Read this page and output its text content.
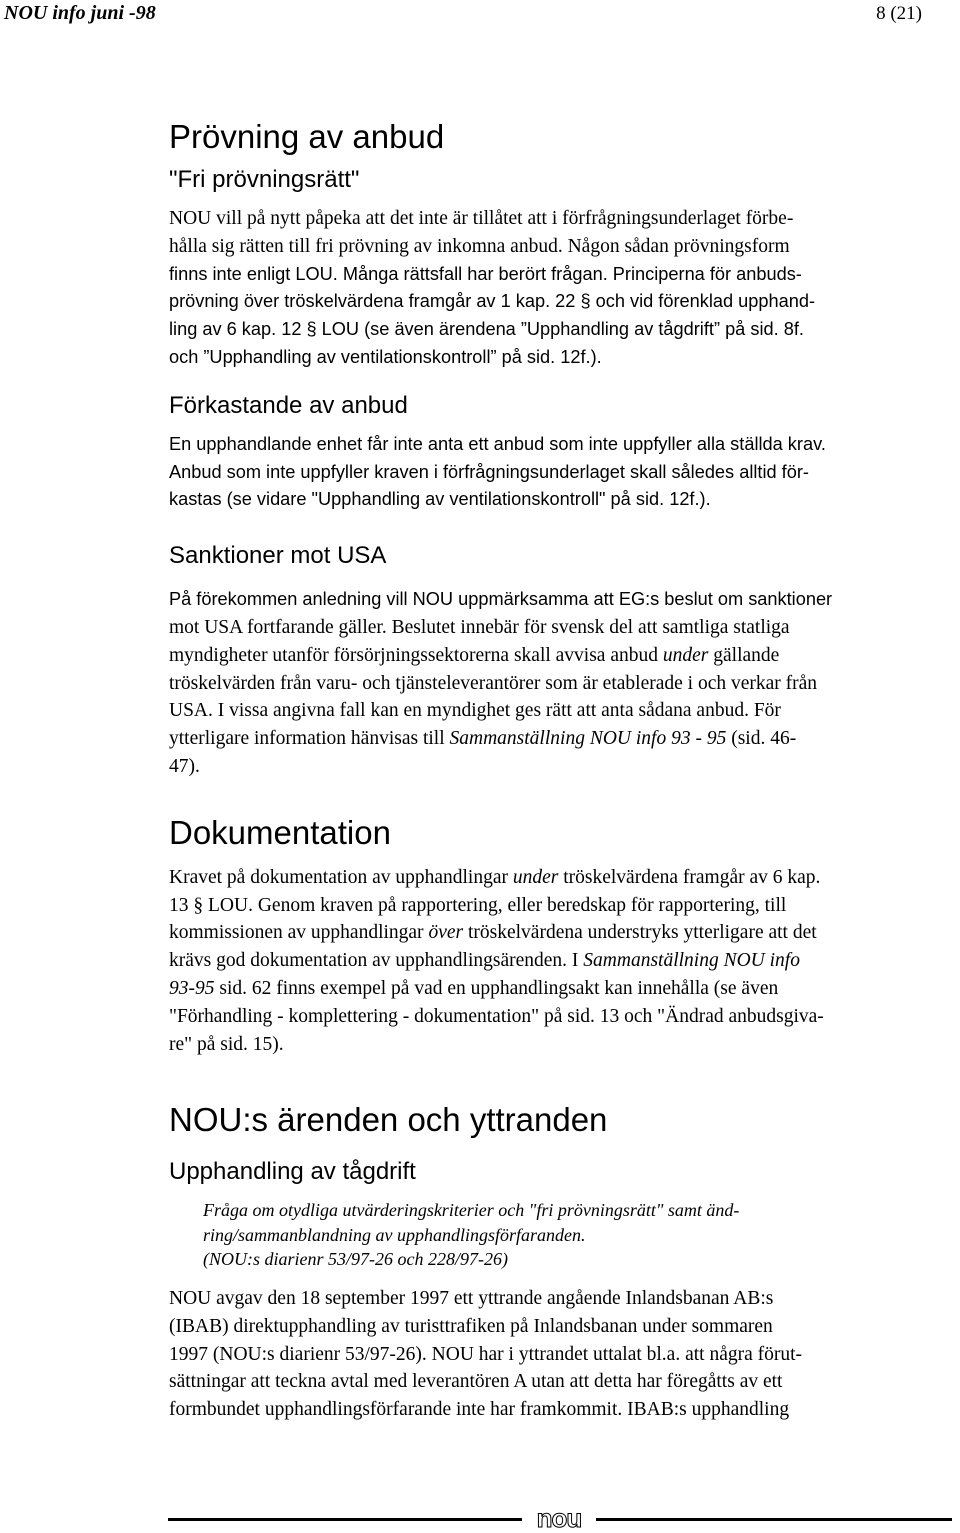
NOU info juni -98	8 (21)
Prövning av anbud
"Fri prövningsrätt"
NOU vill på nytt påpeka att det inte är tillåtet att i förfrågningsunderlaget förbe-
hålla sig rätten till fri prövning av inkomna anbud. Någon sådan prövningsform
finns inte enligt LOU. Många rättsfall har berört frågan. Principerna för anbuds-
prövning över tröskelvärdena framgår av 1 kap. 22 § och vid förenklad upphand-
ling av 6 kap. 12 § LOU (se även ärendena ”Upphandling av tågdrift” på sid. 8f.
och ”Upphandling av ventilationskontroll” på sid. 12f.).
Förkastande av anbud
En upphandlande enhet får inte anta ett anbud som inte uppfyller alla ställda krav.
Anbud som inte uppfyller kraven i förfrågningsunderlaget skall således alltid för-
kastas (se vidare "Upphandling av ventilationskontroll" på sid. 12f.).
Sanktioner mot USA
På förekommen anledning vill NOU uppmärksamma att EG:s beslut om sanktioner
mot USA fortfarande gäller. Beslutet innebär för svensk del att samtliga statliga
myndigheter utanför försörjningssektorerna skall avvisa anbud under gällande
tröskelvärden från varu- och tjänsteleverantörer som är etablerade i och verkar från
USA. I vissa angivna fall kan en myndighet ges rätt att anta sådana anbud. För
ytterligare information hänvisas till Sammanställning NOU info 93 - 95 (sid. 46-
47).
Dokumentation
Kravet på dokumentation av upphandlingar under tröskelvärdena framgår av 6 kap.
13 § LOU. Genom kraven på rapportering, eller beredskap för rapportering, till
kommissionen av upphandlingar över tröskelvärdena understryks ytterligare att det
krävs god dokumentation av upphandlingsärenden. I Sammanställning NOU info
93-95 sid. 62 finns exempel på vad en upphandlingsakt kan innehålla (se även
"Förhandling - komplettering - dokumentation" på sid. 13 och "Ändrad anbudsgiva-
re" på sid. 15).
NOU:s ärenden och yttranden
Upphandling av tågdrift
Fråga om otydliga utvärderingskriterier och "fri prövningsrätt" samt änd-
ring/sammanblandning av upphandlingsförfaranden.
(NOU:s diarienr 53/97-26 och 228/97-26)
NOU avgav den 18 september 1997 ett yttrande angående Inlandsbanan AB:s
(IBAB) direktupphandling av turisttrafiken på Inlandsbanan under sommaren
1997 (NOU:s diarienr 53/97-26). NOU har i yttrandet uttalat bl.a. att några förut-
sättningar att teckna avtal med leverantören A utan att detta har föregåtts av ett
formbundet upphandlingsförfarande inte har framkommit. IBAB:s upphandling
nou
